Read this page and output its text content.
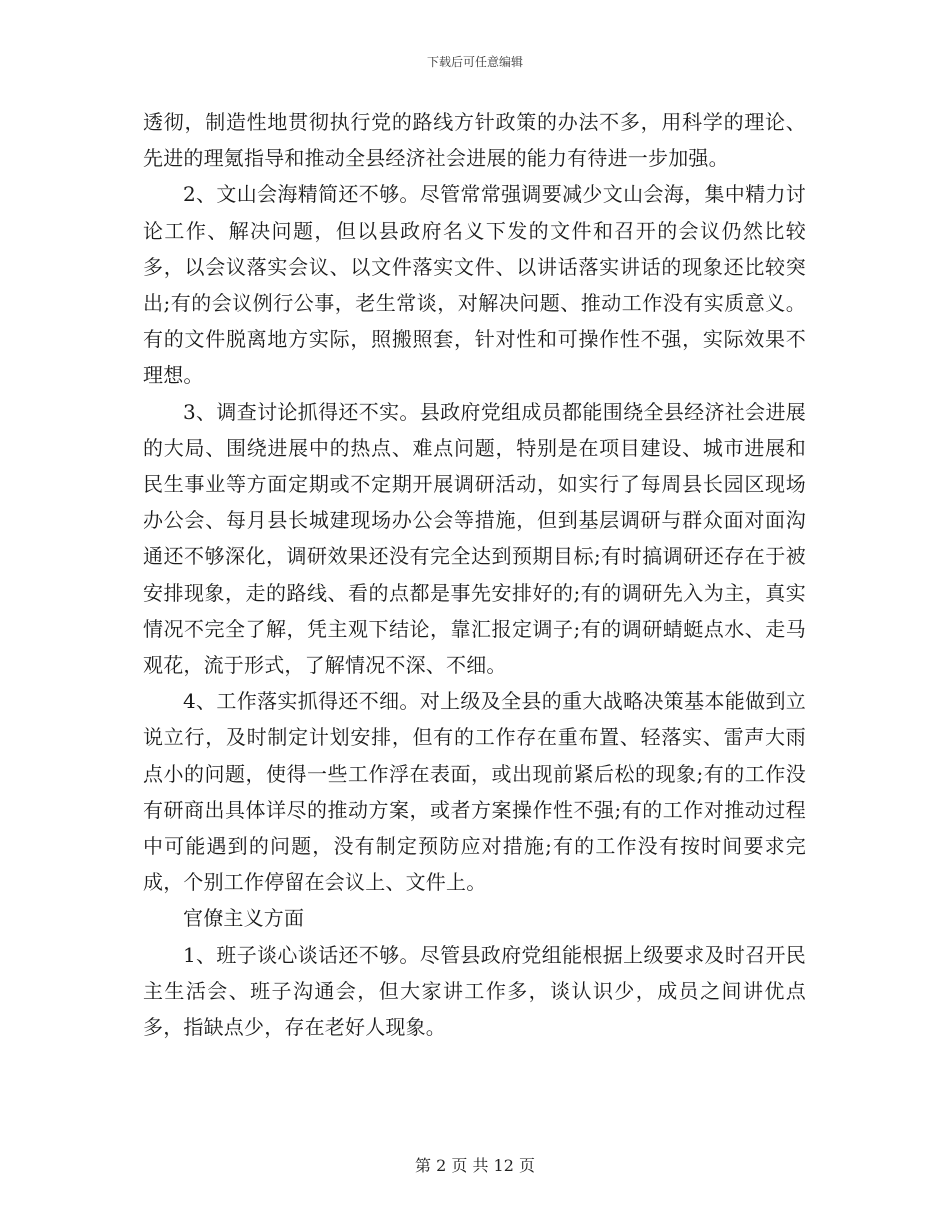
下载后可任意编辑

透彻，制造性地贯彻执行党的路线方针政策的办法不多，用科学的理论、先进的理氪指导和推动全县经济社会进展的能力有待进一步加强。

2、文山会海精简还不够。尽管常常强调要减少文山会海，集中精力讨论工作、解决问题，但以县政府名义下发的文件和召开的会议仍然比较多，以会议落实会议、以文件落实文件、以讲话落实讲话的现象还比较突出;有的会议例行公事，老生常谈，对解决问题、推动工作没有实质意义。有的文件脱离地方实际，照搬照套，针对性和可操作性不强，实际效果不理想。

3、调查讨论抓得还不实。县政府党组成员都能围绕全县经济社会进展的大局、围绕进展中的热点、难点问题，特别是在项目建设、城市进展和民生事业等方面定期或不定期开展调研活动，如实行了每周县长园区现场办公会、每月县长城建现场办公会等措施，但到基层调研与群众面对面沟通还不够深化，调研效果还没有完全达到预期目标;有时搞调研还存在于被安排现象，走的路线、看的点都是事先安排好的;有的调研先入为主，真实情况不完全了解，凭主观下结论，靠汇报定调子;有的调研蜻蜓点水、走马观花，流于形式，了解情况不深、不细。

4、工作落实抓得还不细。对上级及全县的重大战略决策基本能做到立说立行，及时制定计划安排，但有的工作存在重布置、轻落实、雷声大雨点小的问题，使得一些工作浮在表面，或出现前紧后松的现象;有的工作没有研商出具体详尽的推动方案，或者方案操作性不强;有的工作对推动过程中可能遇到的问题，没有制定预防应对措施;有的工作没有按时间要求完成，个别工作停留在会议上、文件上。

官僚主义方面

1、班子谈心谈话还不够。尽管县政府党组能根据上级要求及时召开民主生活会、班子沟通会，但大家讲工作多，谈认识少，成员之间讲优点多，指缺点少，存在老好人现象。

第 2 页 共 12 页
